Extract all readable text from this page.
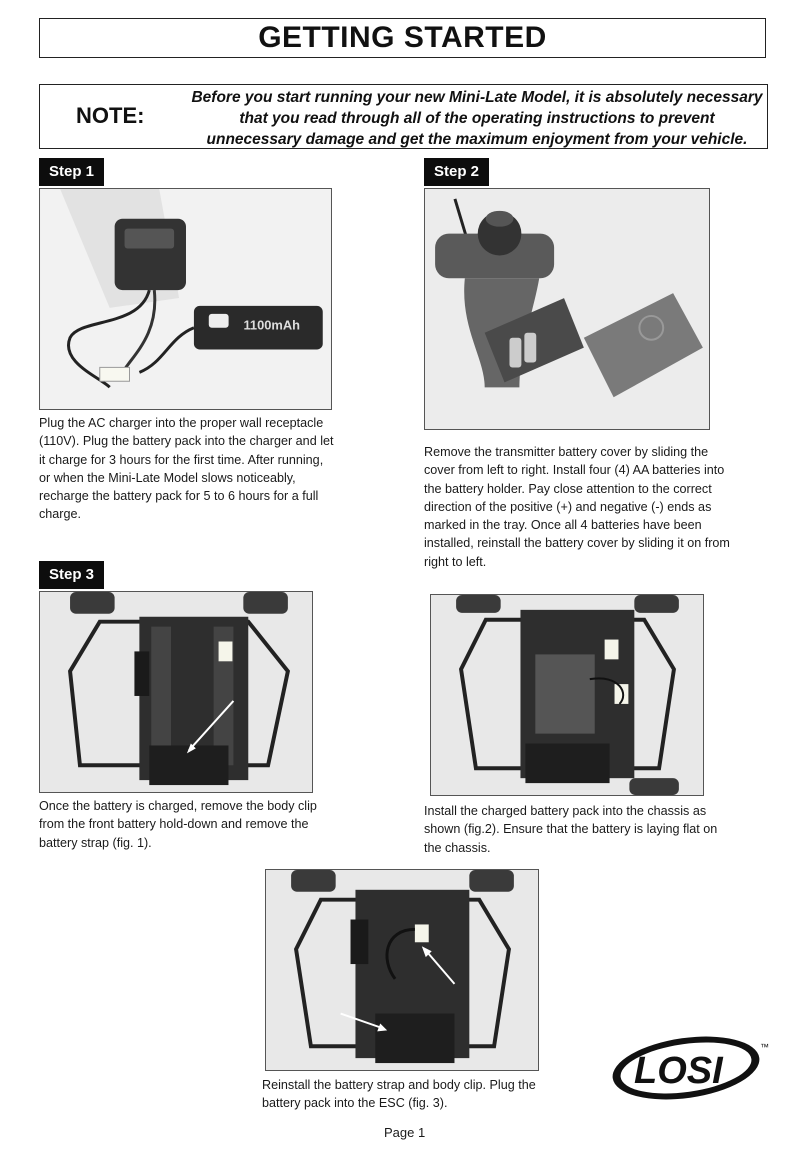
GETTING STARTED
NOTE:
Before you start running your new Mini-Late Model, it is absolutely necessary that you read through all of the operating instructions to prevent unnecessary damage and get the maximum enjoyment from your vehicle.
Step 1
1100mAh
Plug the AC charger into the proper wall receptacle (110V). Plug the battery pack into the charger and let it charge for 3 hours for the first time. After running, or when the Mini-Late Model slows noticeably, recharge the battery pack for 5 to 6 hours for a full charge.
Step 2
Remove the transmitter battery cover by sliding the cover from left to right. Install four (4) AA batteries into the battery holder. Pay close attention to the correct direction of the positive (+) and negative (-) ends as marked in the tray. Once all 4 batteries have been installed, reinstall the battery cover by sliding it on from right to left.
Step 3
Once the battery is charged, remove the body clip from the front battery hold-down and remove the battery strap (fig. 1).
Install the charged battery pack into the chassis as shown (fig.2). Ensure that the battery is laying flat on the chassis.
Reinstall the battery strap and body clip. Plug the battery pack into the ESC (fig. 3).
LOSI
™
Page 1
